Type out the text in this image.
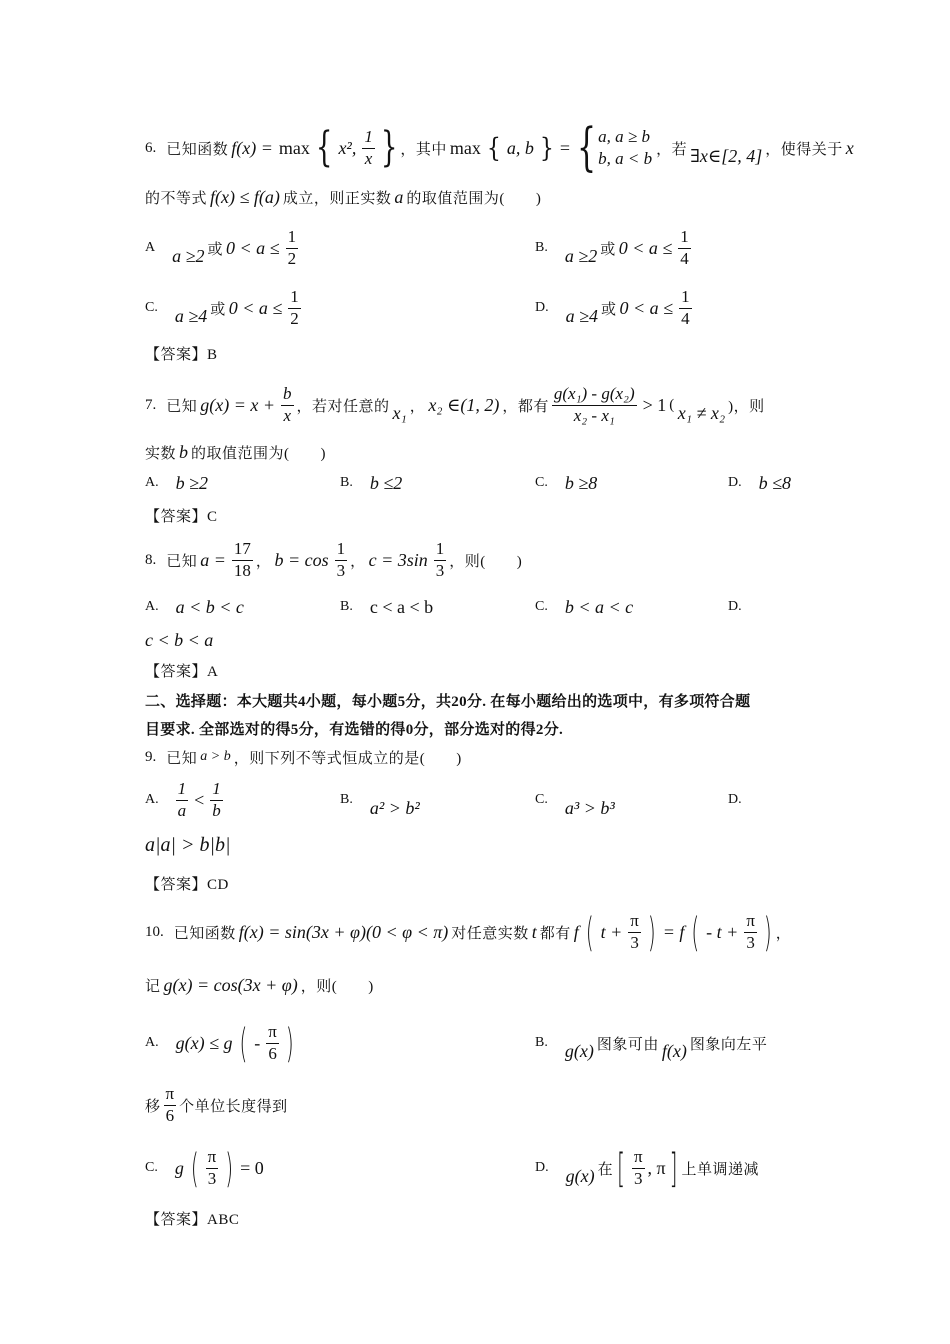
6. 已知函数 f(x) = max { x², $\frac{1}{x}$ } ，其中 max { a, b } = { a, a ≥ b
b, a < b ，若 ∃x∈[2, 4] ，使得关于 x
的不等式 f(x) ≤ f(a) 成立，则正实数 a 的取值范围为(　　)
A a ≥2 或 $0 < a \le \frac{1}{2}$	B. a ≥2 或 $0 < a \le \frac{1}{4}$
C. a ≥4 或 $0 < a \le \frac{1}{2}$	D. a ≥4 或 $0 < a \le \frac{1}{4}$
【答案】B
7. 已知 $g(x) = x + \frac{b}{x}$ ，若对任意的 x₁ ， x₂ ∈(1, 2) ，都有 $\frac{\text{g(x₁) - g(x₂)}}{\text{x₂ - x₁}} > 1$ ( x₁ ≠ x₂ )，则
实数 b 的取值范围为(　　)
A. b ≥2	B. b ≤2	C. b ≥8	D. b ≤8
【答案】C
8. 已知 $a = \frac{17}{18}$ ， $b = \cos \frac{1}{3}$ ， $c = 3\sin \frac{1}{3}$ ，则(　　)
A. a < b < c	B. c < a < b	C. b < a < c	D.
c < b < a
【答案】A
二、选择题：本大题共4小题，每小题5分，共20分. 在每小题给出的选项中，有多项符合题
目要求. 全部选对的得5分，有选错的得0分，部分选对的得2分.
9. 已知 a > b ，则下列不等式恒成立的是(　　)
A. $\frac{1}{a} < \frac{1}{b}$	B. a² > b²	C. a³ > b³	D.
a|a| > b|b|
【答案】CD
10. 已知函数 f(x) = sin(3x + φ)(0 < φ < π) 对任意实数 t 都有 f ( $t + \frac{\pi}{3}$ ) = f ( - $t + \frac{\pi}{3}$ ) ，
记 g(x) = cos(3x + φ) ，则(　　)
A. g(x) ≤ g ( - $\frac{\pi}{6}$ )	B. g(x) 图象可由 f(x) 图象向左平
移 $\frac{\pi}{6}$ 个单位长度得到
C. g ( $\frac{\pi}{3}$ ) = 0	D. g(x) 在 [ $\frac{\pi}{3}$ , π ] 上单调递减
【答案】ABC
